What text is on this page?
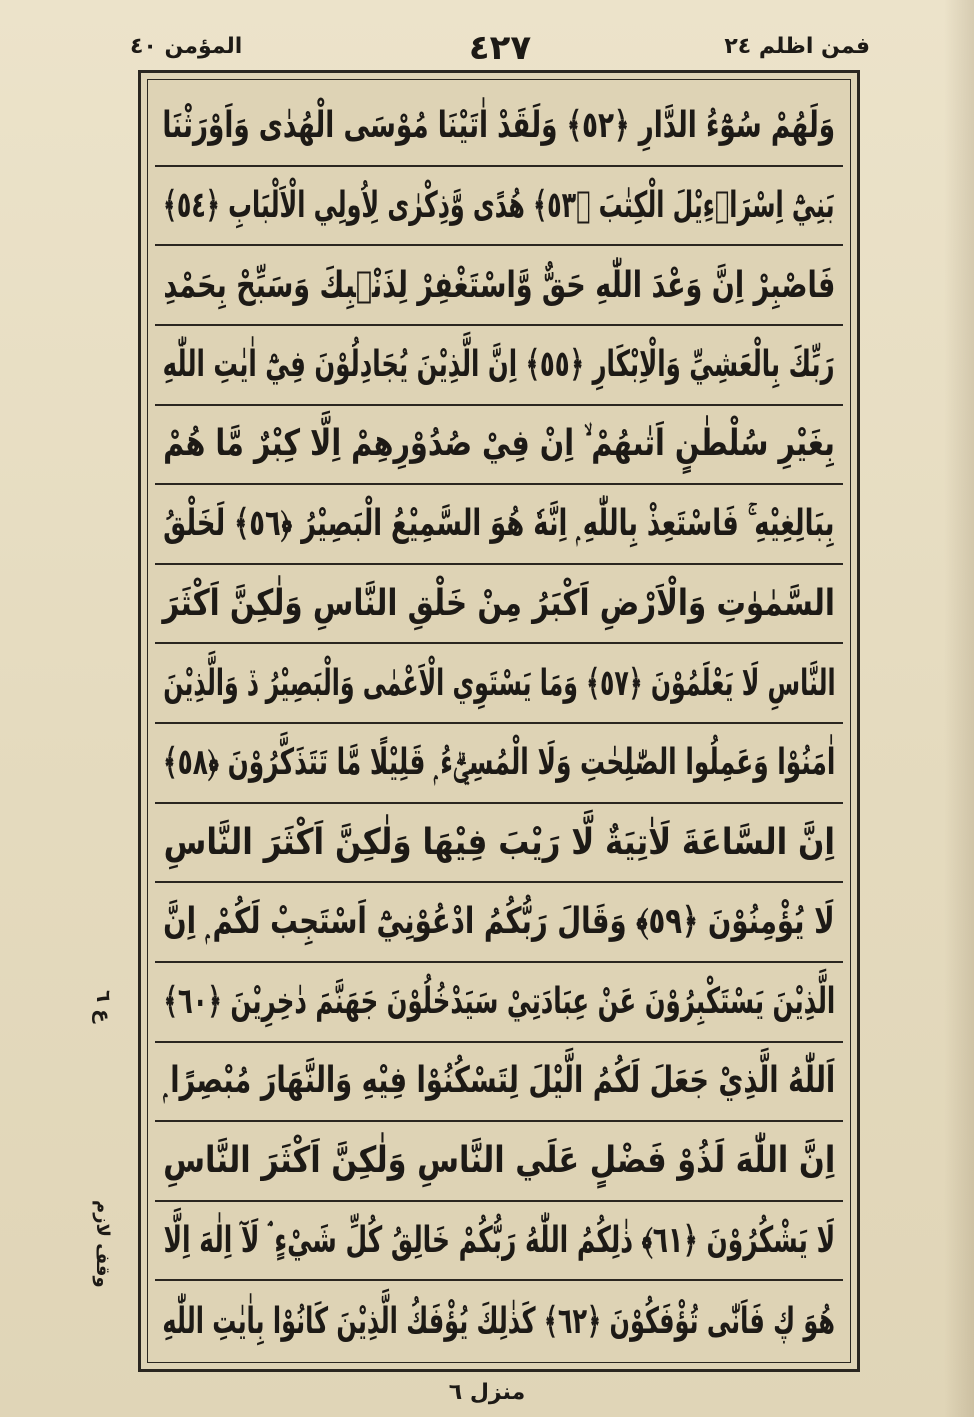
المؤمن ٤٠	٤٢٧	فمن اظلم ٢٤
وَلَهُمْ سُوْٓءُ الدَّارِ ﴿٥٢﴾ وَلَقَدْ اٰتَيْنَا مُوْسَى الْهُدٰى وَاَوْرَثْنَا
بَنِيْٓ اِسْرَاۗءِيْلَ الْكِتٰبَ ﴿٥٣﴾ هُدًى وَّذِكْرٰى لِاُولِي الْاَلْبَابِ ﴿٥٤﴾
فَاصْبِرْ اِنَّ وَعْدَ اللّٰهِ حَقٌّ وَّاسْتَغْفِرْ لِذَنْۢبِكَ وَسَبِّحْ بِحَمْدِ
رَبِّكَ بِالْعَشِيِّ وَالْاِبْكَارِ ﴿٥٥﴾ اِنَّ الَّذِيْنَ يُجَادِلُوْنَ فِيْٓ اٰيٰتِ اللّٰهِ
بِغَيْرِ سُلْطٰنٍ اَتٰىهُمْ ۙ اِنْ فِيْ صُدُوْرِهِمْ اِلَّا كِبْرٌ مَّا هُمْ
بِبَالِغِيْهِ ۚ فَاسْتَعِذْ بِاللّٰهِ ۭ اِنَّهٗ هُوَ السَّمِيْعُ الْبَصِيْرُ ﴿٥٦﴾ لَخَلْقُ
السَّمٰوٰتِ وَالْاَرْضِ اَكْبَرُ مِنْ خَلْقِ النَّاسِ وَلٰكِنَّ اَكْثَرَ
النَّاسِ لَا يَعْلَمُوْنَ ﴿٥٧﴾ وَمَا يَسْتَوِي الْاَعْمٰى وَالْبَصِيْرُ ڏ وَالَّذِيْنَ
اٰمَنُوْا وَعَمِلُوا الصّٰلِحٰتِ وَلَا الْمُسِيْۗءُ ۭ قَلِيْلًا مَّا تَتَذَكَّرُوْنَ ﴿٥٨﴾
اِنَّ السَّاعَةَ لَاٰتِيَةٌ لَّا رَيْبَ فِيْهَا وَلٰكِنَّ اَكْثَرَ النَّاسِ
لَا يُؤْمِنُوْنَ ﴿٥٩﴾ وَقَالَ رَبُّكُمُ ادْعُوْنِيْٓ اَسْتَجِبْ لَكُمْ ۭ اِنَّ
الَّذِيْنَ يَسْتَكْبِرُوْنَ عَنْ عِبَادَتِيْ سَيَدْخُلُوْنَ جَهَنَّمَ دٰخِرِيْنَ ﴿٦٠﴾
اَللّٰهُ الَّذِيْ جَعَلَ لَكُمُ الَّيْلَ لِتَسْكُنُوْا فِيْهِ وَالنَّهَارَ مُبْصِرًا ۭ
اِنَّ اللّٰهَ لَذُوْ فَضْلٍ عَلَي النَّاسِ وَلٰكِنَّ اَكْثَرَ النَّاسِ
لَا يَشْكُرُوْنَ ﴿٦١﴾ ذٰلِكُمُ اللّٰهُ رَبُّكُمْ خَالِقُ كُلِّ شَيْءٍ ۘ لَآ اِلٰهَ اِلَّا
هُوَ ڮ فَاَنّٰى تُؤْفَكُوْنَ ﴿٦٢﴾ كَذٰلِكَ يُؤْفَكُ الَّذِيْنَ كَانُوْا بِاٰيٰتِ اللّٰهِ
ع ٦
وقف لازم
منزل ٦
